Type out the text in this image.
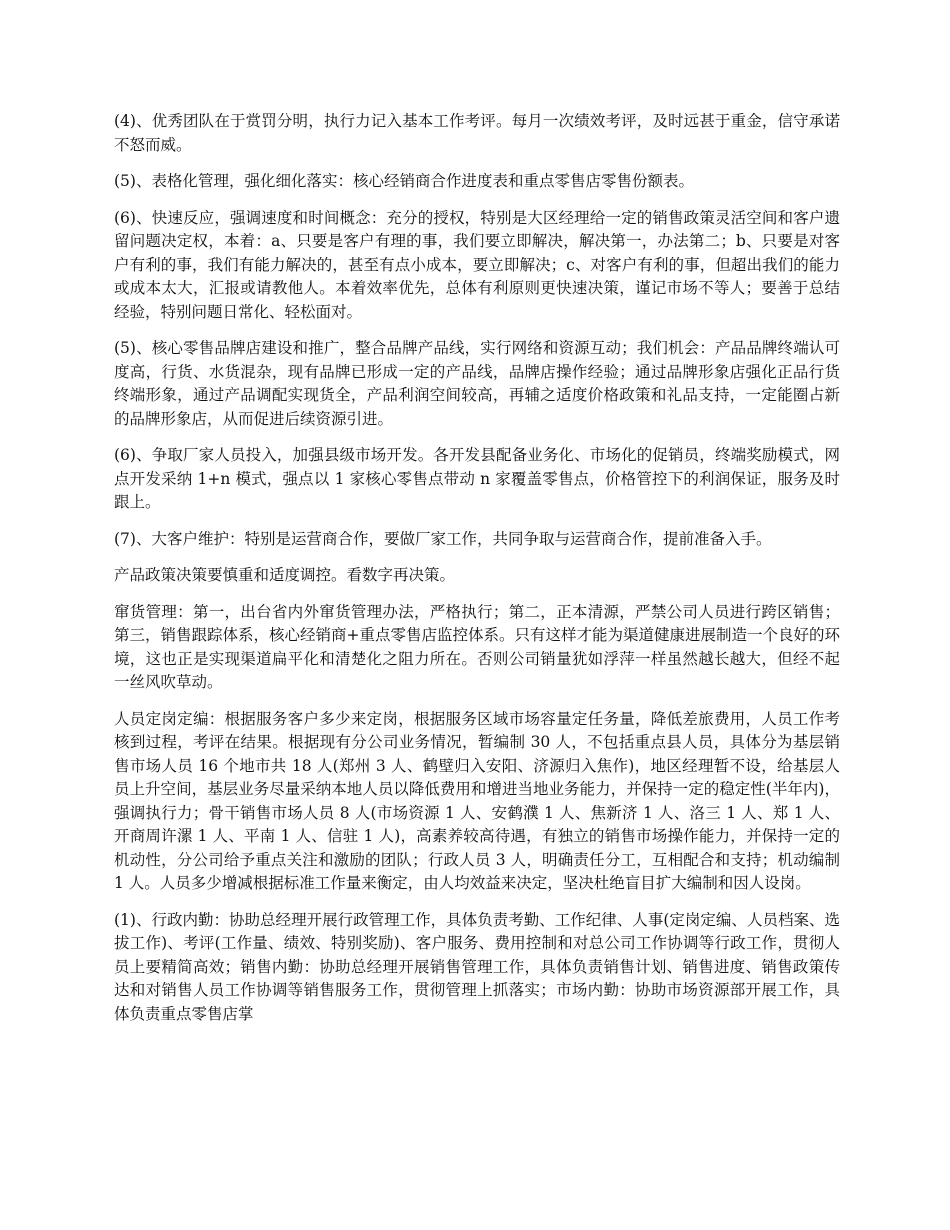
(4)、优秀团队在于赏罚分明，执行力记入基本工作考评。每月一次绩效考评，及时远甚于重金，信守承诺不怒而威。

(5)、表格化管理，强化细化落实：核心经销商合作进度表和重点零售店零售份额表。

(6)、快速反应，强调速度和时间概念：充分的授权，特别是大区经理给一定的销售政策灵活空间和客户遗留问题决定权，本着：a、只要是客户有理的事，我们要立即解决，解决第一，办法第二；b、只要是对客户有利的事，我们有能力解决的，甚至有点小成本，要立即解决；c、对客户有利的事，但超出我们的能力或成本太大，汇报或请教他人。本着效率优先，总体有利原则更快速决策，谨记市场不等人；要善于总结经验，特别问题日常化、轻松面对。

(5)、核心零售品牌店建设和推广，整合品牌产品线，实行网络和资源互动；我们机会：产品品牌终端认可度高，行货、水货混杂，现有品牌已形成一定的产品线，品牌店操作经验；通过品牌形象店强化正品行货终端形象，通过产品调配实现货全，产品利润空间较高，再辅之适度价格政策和礼品支持，一定能圈占新的品牌形象店，从而促进后续资源引进。

(6)、争取厂家人员投入，加强县级市场开发。各开发县配备业务化、市场化的促销员，终端奖励模式，网点开发采纳 1+n 模式，强点以 1 家核心零售点带动 n 家覆盖零售点，价格管控下的利润保证，服务及时跟上。

(7)、大客户维护：特别是运营商合作，要做厂家工作，共同争取与运营商合作，提前准备入手。

产品政策决策要慎重和适度调控。看数字再决策。

窜货管理：第一，出台省内外窜货管理办法，严格执行；第二，正本清源，严禁公司人员进行跨区销售；第三，销售跟踪体系，核心经销商+重点零售店监控体系。只有这样才能为渠道健康进展制造一个良好的环境，这也正是实现渠道扁平化和清楚化之阻力所在。否则公司销量犹如浮萍一样虽然越长越大，但经不起一丝风吹草动。

人员定岗定编：根据服务客户多少来定岗，根据服务区域市场容量定任务量，降低差旅费用，人员工作考核到过程，考评在结果。根据现有分公司业务情况，暂编制 30 人，不包括重点县人员，具体分为基层销售市场人员 16 个地市共 18 人(郑州 3 人、鹤壁归入安阳、济源归入焦作)，地区经理暂不设，给基层人员上升空间，基层业务尽量采纳本地人员以降低费用和增进当地业务能力，并保持一定的稳定性(半年内)，强调执行力；骨干销售市场人员 8 人(市场资源 1 人、安鹤濮 1 人、焦新济 1 人、洛三 1 人、郑 1 人、开商周许漯 1 人、平南 1 人、信驻 1 人)，高素养较高待遇，有独立的销售市场操作能力，并保持一定的机动性，分公司给予重点关注和激励的团队；行政人员 3 人，明确责任分工，互相配合和支持；机动编制 1 人。人员多少增减根据标准工作量来衡定，由人均效益来决定，坚决杜绝盲目扩大编制和因人设岗。

(1)、行政内勤：协助总经理开展行政管理工作，具体负责考勤、工作纪律、人事(定岗定编、人员档案、选拔工作)、考评(工作量、绩效、特别奖励)、客户服务、费用控制和对总公司工作协调等行政工作，贯彻人员上要精简高效；销售内勤：协助总经理开展销售管理工作，具体负责销售计划、销售进度、销售政策传达和对销售人员工作协调等销售服务工作，贯彻管理上抓落实；市场内勤：协助市场资源部开展工作，具体负责重点零售店掌
